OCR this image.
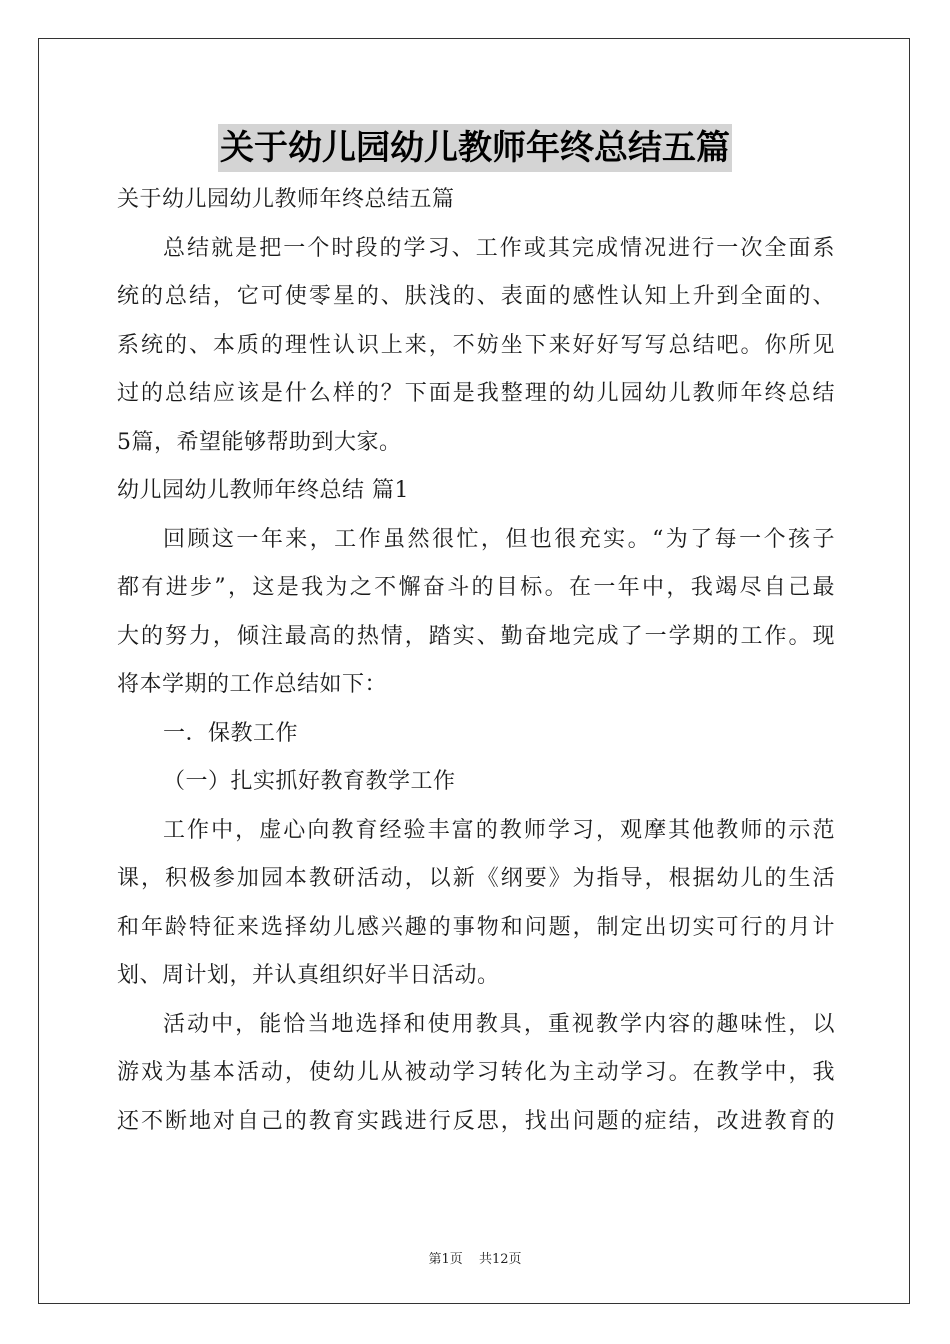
关于幼儿园幼儿教师年终总结五篇
关于幼儿园幼儿教师年终总结五篇
总结就是把一个时段的学习、工作或其完成情况进行一次全面系
统的总结，它可使零星的、肤浅的、表面的感性认知上升到全面的、
系统的、本质的理性认识上来，不妨坐下来好好写写总结吧。你所见
过的总结应该是什么样的？下面是我整理的幼儿园幼儿教师年终总结
5篇，希望能够帮助到大家。
幼儿园幼儿教师年终总结 篇1
回顾这一年来，工作虽然很忙，但也很充实。“为了每一个孩子
都有进步”，这是我为之不懈奋斗的目标。在一年中，我竭尽自己最
大的努力，倾注最高的热情，踏实、勤奋地完成了一学期的工作。现
将本学期的工作总结如下：
一．保教工作
（一）扎实抓好教育教学工作
工作中，虚心向教育经验丰富的教师学习，观摩其他教师的示范
课，积极参加园本教研活动，以新《纲要》为指导，根据幼儿的生活
和年龄特征来选择幼儿感兴趣的事物和问题，制定出切实可行的月计
划、周计划，并认真组织好半日活动。
活动中，能恰当地选择和使用教具，重视教学内容的趣味性，以
游戏为基本活动，使幼儿从被动学习转化为主动学习。在教学中，我
还不断地对自己的教育实践进行反思，找出问题的症结，改进教育的
第1页 共12页
